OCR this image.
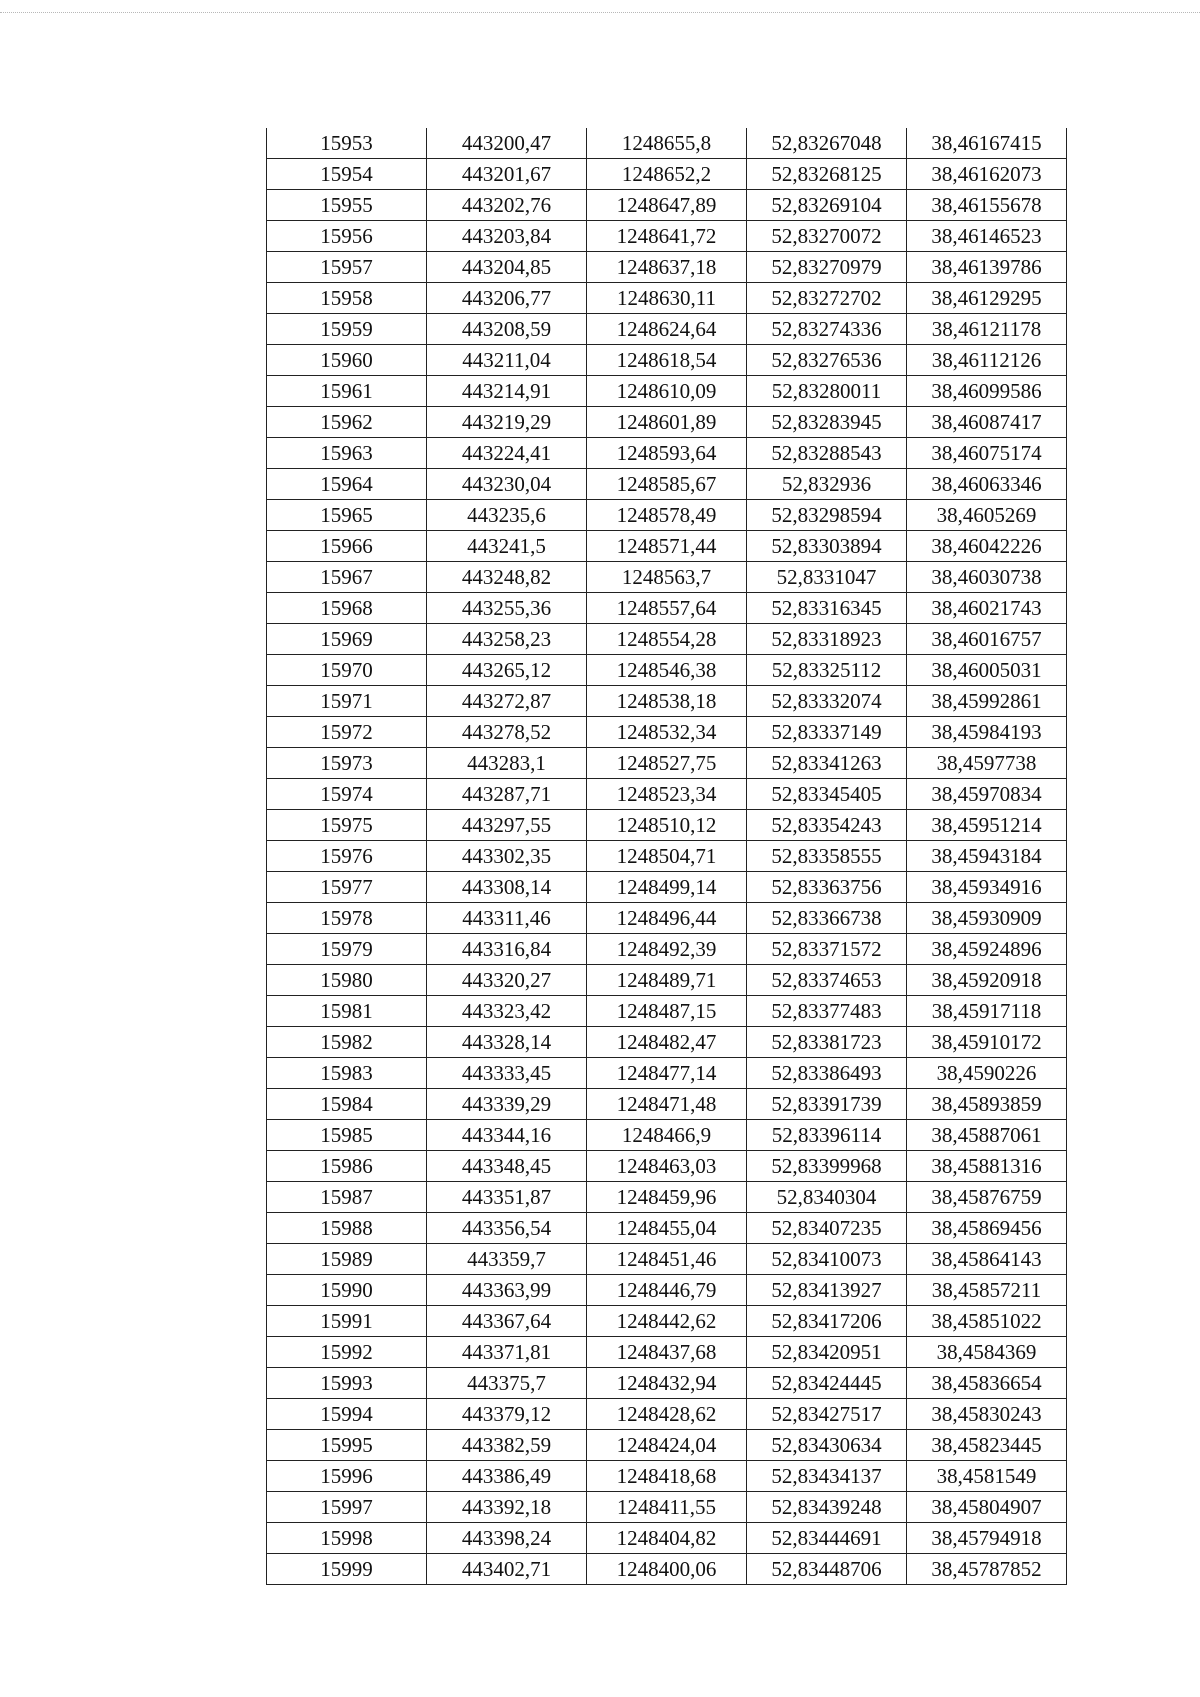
15953	443200,47	1248655,8	52,83267048	38,46167415
15954	443201,67	1248652,2	52,83268125	38,46162073
15955	443202,76	1248647,89	52,83269104	38,46155678
15956	443203,84	1248641,72	52,83270072	38,46146523
15957	443204,85	1248637,18	52,83270979	38,46139786
15958	443206,77	1248630,11	52,83272702	38,46129295
15959	443208,59	1248624,64	52,83274336	38,46121178
15960	443211,04	1248618,54	52,83276536	38,46112126
15961	443214,91	1248610,09	52,83280011	38,46099586
15962	443219,29	1248601,89	52,83283945	38,46087417
15963	443224,41	1248593,64	52,83288543	38,46075174
15964	443230,04	1248585,67	52,832936	38,46063346
15965	443235,6	1248578,49	52,83298594	38,4605269
15966	443241,5	1248571,44	52,83303894	38,46042226
15967	443248,82	1248563,7	52,8331047	38,46030738
15968	443255,36	1248557,64	52,83316345	38,46021743
15969	443258,23	1248554,28	52,83318923	38,46016757
15970	443265,12	1248546,38	52,83325112	38,46005031
15971	443272,87	1248538,18	52,83332074	38,45992861
15972	443278,52	1248532,34	52,83337149	38,45984193
15973	443283,1	1248527,75	52,83341263	38,4597738
15974	443287,71	1248523,34	52,83345405	38,45970834
15975	443297,55	1248510,12	52,83354243	38,45951214
15976	443302,35	1248504,71	52,83358555	38,45943184
15977	443308,14	1248499,14	52,83363756	38,45934916
15978	443311,46	1248496,44	52,83366738	38,45930909
15979	443316,84	1248492,39	52,83371572	38,45924896
15980	443320,27	1248489,71	52,83374653	38,45920918
15981	443323,42	1248487,15	52,83377483	38,45917118
15982	443328,14	1248482,47	52,83381723	38,45910172
15983	443333,45	1248477,14	52,83386493	38,4590226
15984	443339,29	1248471,48	52,83391739	38,45893859
15985	443344,16	1248466,9	52,83396114	38,45887061
15986	443348,45	1248463,03	52,83399968	38,45881316
15987	443351,87	1248459,96	52,8340304	38,45876759
15988	443356,54	1248455,04	52,83407235	38,45869456
15989	443359,7	1248451,46	52,83410073	38,45864143
15990	443363,99	1248446,79	52,83413927	38,45857211
15991	443367,64	1248442,62	52,83417206	38,45851022
15992	443371,81	1248437,68	52,83420951	38,4584369
15993	443375,7	1248432,94	52,83424445	38,45836654
15994	443379,12	1248428,62	52,83427517	38,45830243
15995	443382,59	1248424,04	52,83430634	38,45823445
15996	443386,49	1248418,68	52,83434137	38,4581549
15997	443392,18	1248411,55	52,83439248	38,45804907
15998	443398,24	1248404,82	52,83444691	38,45794918
15999	443402,71	1248400,06	52,83448706	38,45787852
